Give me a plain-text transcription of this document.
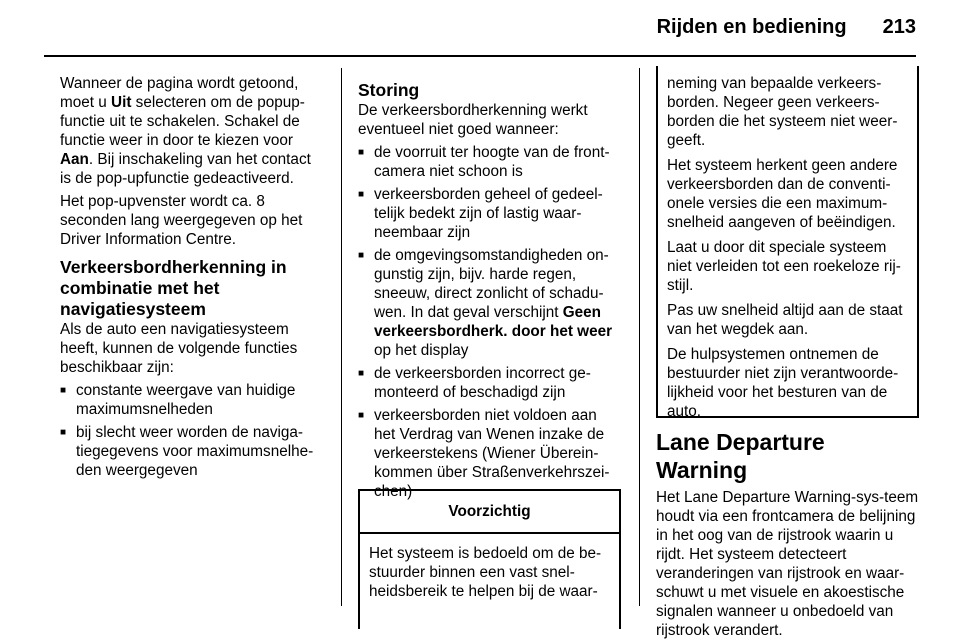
Rijden en bediening 213

Wanneer de pagina wordt getoond, moet u Uit selecteren om de popup-functie uit te schakelen. Schakel de functie weer in door te kiezen voor Aan. Bij inschakeling van het contact is de pop-upfunctie gedeactiveerd.

Het pop-upvenster wordt ca. 8 seconden lang weergegeven op het Driver Information Centre.

Verkeersbordherkenning in combinatie met het navigatiesysteem

Als de auto een navigatiesysteem heeft, kunnen de volgende functies beschikbaar zijn:

■ constante weergave van huidige maximumsnelheden
■ bij slecht weer worden de naviga-tiegegevens voor maximumsnelhe-den weergegeven
Storing

De verkeersbordherkenning werkt eventueel niet goed wanneer:

■ de voorruit ter hoogte van de front-camera niet schoon is
■ verkeersborden geheel of gedeel-telijk bedekt zijn of lastig waar-neembaar zijn
■ de omgevingsomstandigheden on-gunstig zijn, bijv. harde regen, sneeuw, direct zonlicht of schadu-wen. In dat geval verschijnt Geen verkeersbordherk. door het weer op het display
■ de verkeersborden incorrect ge-monteerd of beschadigd zijn
■ verkeersborden niet voldoen aan het Verdrag van Wenen inzake de verkeerstekens (Wiener Überein-kommen über Straßenverkehrszei-chen)
Voorzichtig
Het systeem is bedoeld om de be-stuurder binnen een vast snel-heidsbereik te helpen bij de waar-

neming van bepaalde verkeers-borden. Negeer geen verkeers-borden die het systeem niet weer-geeft.

Het systeem herkent geen andere verkeersborden dan de conventi-onele versies die een maximum-snelheid aangeven of beëindigen.

Laat u door dit speciale systeem niet verleiden tot een roekeloze rij-stijl.

Pas uw snelheid altijd aan de staat van het wegdek aan.

De hulpsystemen ontnemen de bestuurder niet zijn verantwoorde-lijkheid voor het besturen van de auto.

Lane Departure Warning

Het Lane Departure Warning-sys-teem houdt via een frontcamera de belijning in het oog van de rijstrook waarin u rijdt. Het systeem detecteert veranderingen van rijstrook en waar-schuwt u met visuele en akoestische signalen wanneer u onbedoeld van rijstrook verandert.
